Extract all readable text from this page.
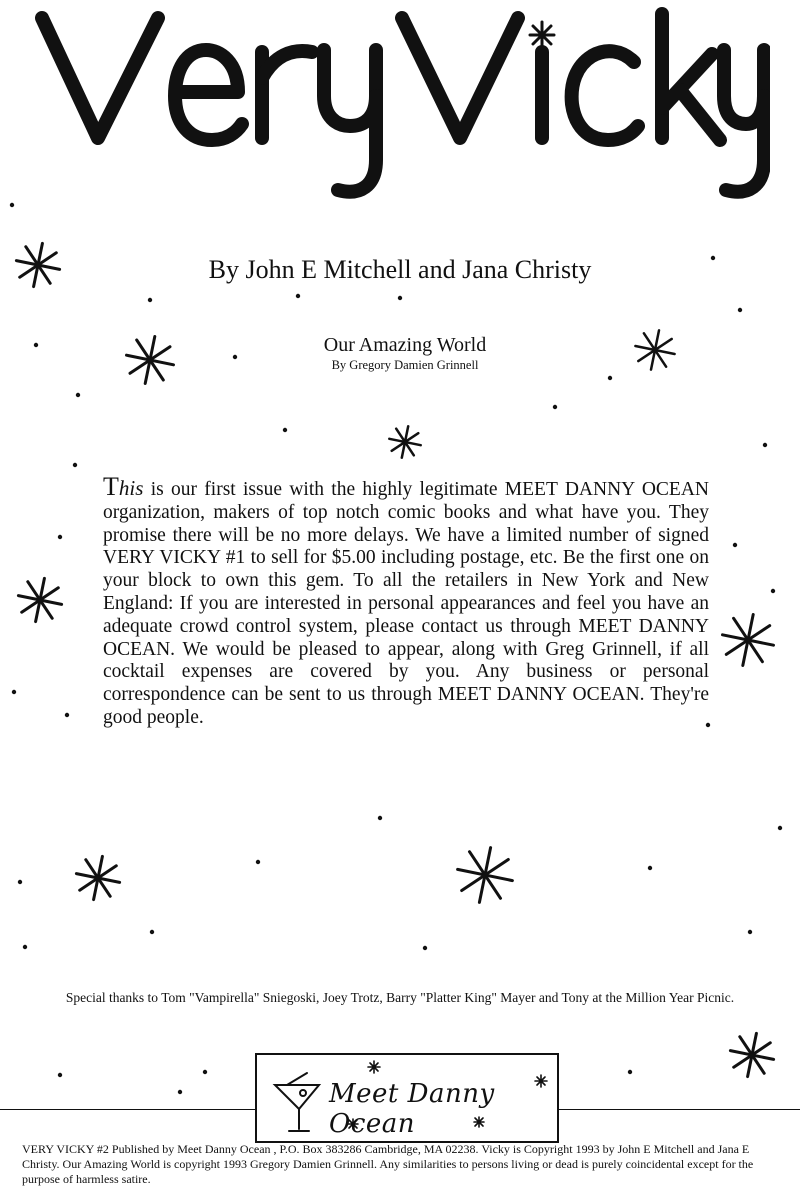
By John E Mitchell and Jana Christy
Our Amazing World
By Gregory Damien Grinnell
This is our first issue with the highly legitimate MEET DANNY OCEAN organization, makers of top notch comic books and what have you. They promise there will be no more delays. We have a limited number of signed VERY VICKY #1 to sell for $5.00 including postage, etc. Be the first one on your block to own this gem. To all the retailers in New York and New England: If you are interested in personal appearances and feel you have an adequate crowd control system, please contact us through MEET DANNY OCEAN. We would be pleased to appear, along with Greg Grinnell, if all cocktail expenses are covered by you. Any business or personal correspondence can be sent to us through MEET DANNY OCEAN. They're good people.
Special thanks to Tom "Vampirella" Sniegoski, Joey Trotz, Barry "Platter King" Mayer and Tony at the Million Year Picnic.
Meet Danny Ocean
VERY VICKY #2 Published by Meet Danny Ocean , P.O. Box 383286 Cambridge, MA 02238. Vicky is Copyright 1993 by John E Mitchell and Jana E Christy. Our Amazing World is copyright 1993 Gregory Damien Grinnell. Any similarities to persons living or dead is purely coincidental except for the purpose of harmless satire.
